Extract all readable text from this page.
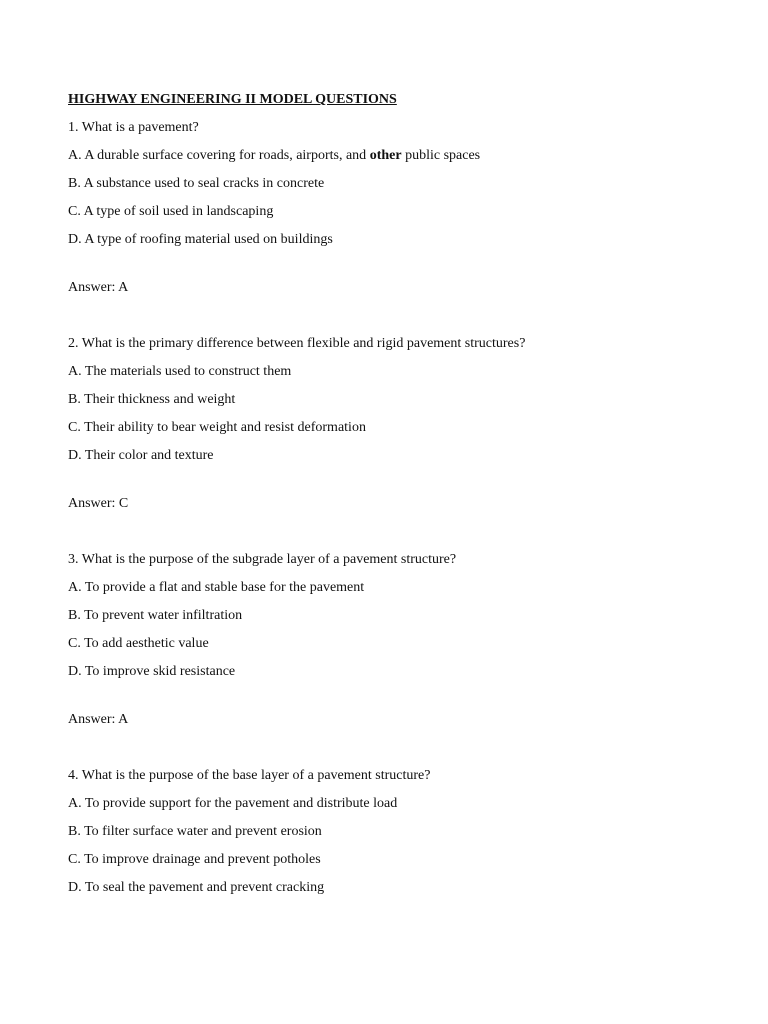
HIGHWAY ENGINEERING II MODEL QUESTIONS
1. What is a pavement?
A. A durable surface covering for roads, airports, and other public spaces
B. A substance used to seal cracks in concrete
C. A type of soil used in landscaping
D. A type of roofing material used on buildings
Answer: A
2. What is the primary difference between flexible and rigid pavement structures?
A. The materials used to construct them
B. Their thickness and weight
C. Their ability to bear weight and resist deformation
D. Their color and texture
Answer: C
3. What is the purpose of the subgrade layer of a pavement structure?
A. To provide a flat and stable base for the pavement
B. To prevent water infiltration
C. To add aesthetic value
D. To improve skid resistance
Answer: A
4. What is the purpose of the base layer of a pavement structure?
A. To provide support for the pavement and distribute load
B. To filter surface water and prevent erosion
C. To improve drainage and prevent potholes
D. To seal the pavement and prevent cracking
